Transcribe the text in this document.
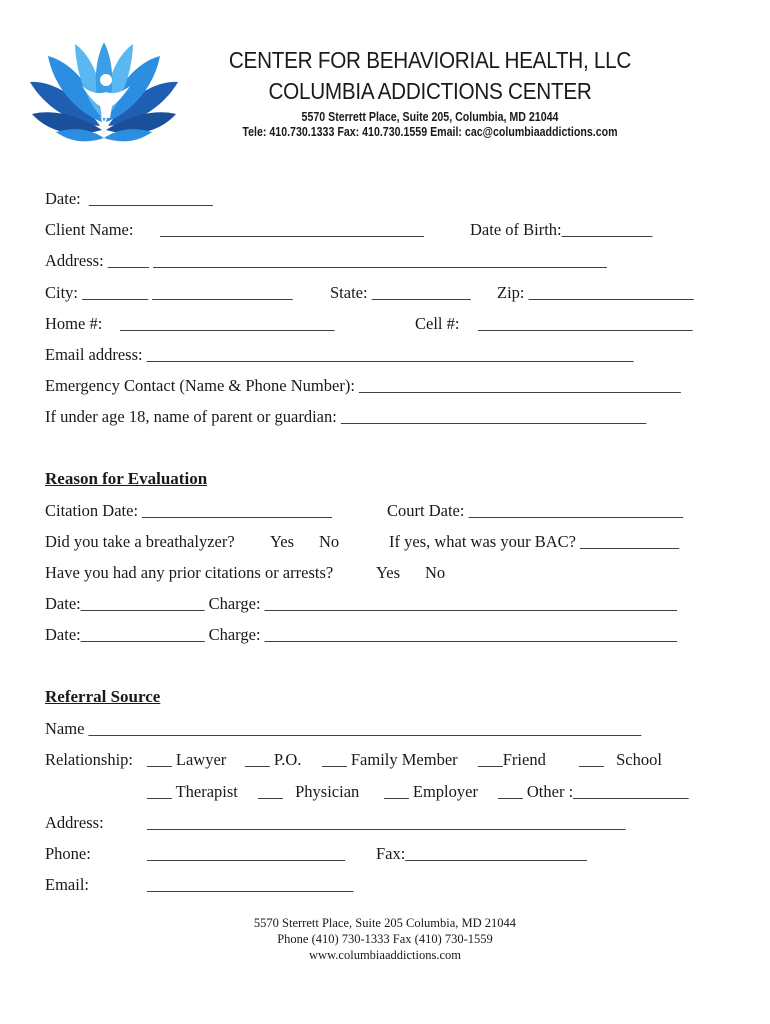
CENTER FOR BEHAVIORIAL HEALTH, LLC
COLUMBIA ADDICTIONS CENTER
5570 Sterrett Place, Suite 205, Columbia, MD 21044
Tele: 410.730.1333 Fax: 410.730.1559 Email: cac@columbiaaddictions.com
Date:  _______________
Client Name: ________________________________	Date of Birth:___________
Address: _____ _______________________________________________________
City: ________ _________________ State: ____________ Zip: ____________________
Home #: __________________________	Cell #: __________________________
Email address: ___________________________________________________________
Emergency Contact (Name & Phone Number): _______________________________________
If under age 18, name of parent or guardian: _____________________________________
Reason for Evaluation
Citation Date: _______________________	Court Date: __________________________
Did you take a breathalyzer? Yes No	If yes, what was your BAC? ____________
Have you had any prior citations or arrests?	Yes No
Date:_______________ Charge: __________________________________________________
Date:_______________ Charge: __________________________________________________
Referral Source
Name ___________________________________________________________________
Relationship: ___ Lawyer ___ P.O. ___ Family Member ___Friend ___   School
___ Therapist ___   Physician ___ Employer ___ Other :______________
Address:	__________________________________________________________
Phone:	________________________ Fax:______________________
Email:	_________________________
5570 Sterrett Place, Suite 205 Columbia, MD 21044
Phone (410) 730-1333 Fax (410) 730-1559
www.columbiaaddictions.com
